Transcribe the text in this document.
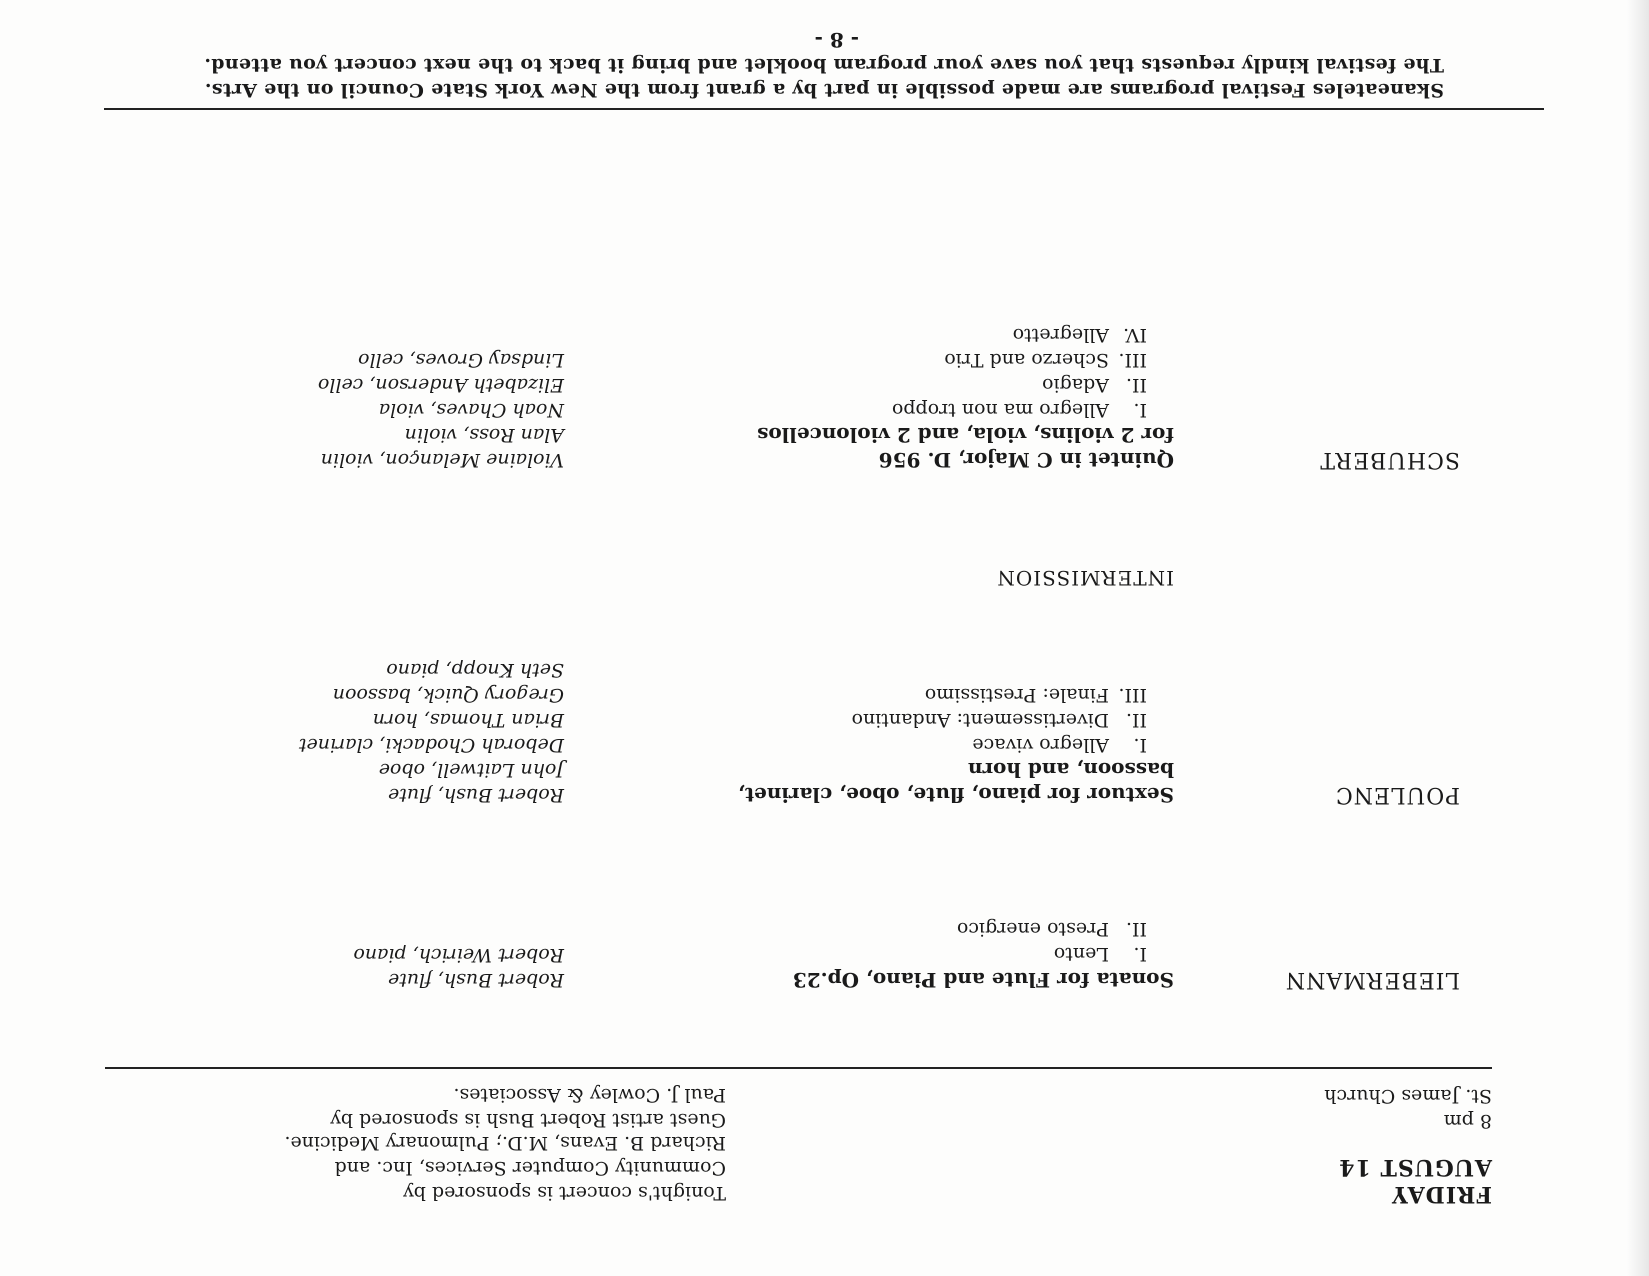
FRIDAY
AUGUST 14
8 pm
St. James Church
Tonight's concert is sponsored by
Community Computer Services, Inc. and
Richard B. Evans, M.D.; Pulmonary Medicine.
Guest artist Robert Bush is sponsored by
Paul J. Cowley & Associates.
LIEBERMANN
Sonata for Flute and Piano, Op.23
I.Lento
II.Presto energico
Robert Bush, flute
Robert Weirich, piano
POULENC
Sextuor for piano, flute, oboe, clarinet,
bassoon, and horn
I.Allegro vivace
II.Divertissement: Andantino
III.Finale: Prestissimo
Robert Bush, flute
John Laitwell, oboe
Deborah Chodacki, clarinet
Brian Thomas, horn
Gregory Quick, bassoon
Seth Knopp, piano
INTERMISSION
SCHUBERT
Quintet in C Major, D. 956
for 2 violins, viola, and 2 violoncellos
I.Allegro ma non troppo
II.Adagio
III.Scherzo and Trio
IV.Allegretto
Violaine Melançon, violin
Alan Ross, violin
Noah Chaves, viola
Elizabeth Anderson, cello
Lindsay Groves, cello
Skaneateles Festival programs are made possible in part by a grant from the New York State Council on the Arts.
The festival kindly requests that you save your program booklet and bring it back to the next concert you attend.
- 8 -
